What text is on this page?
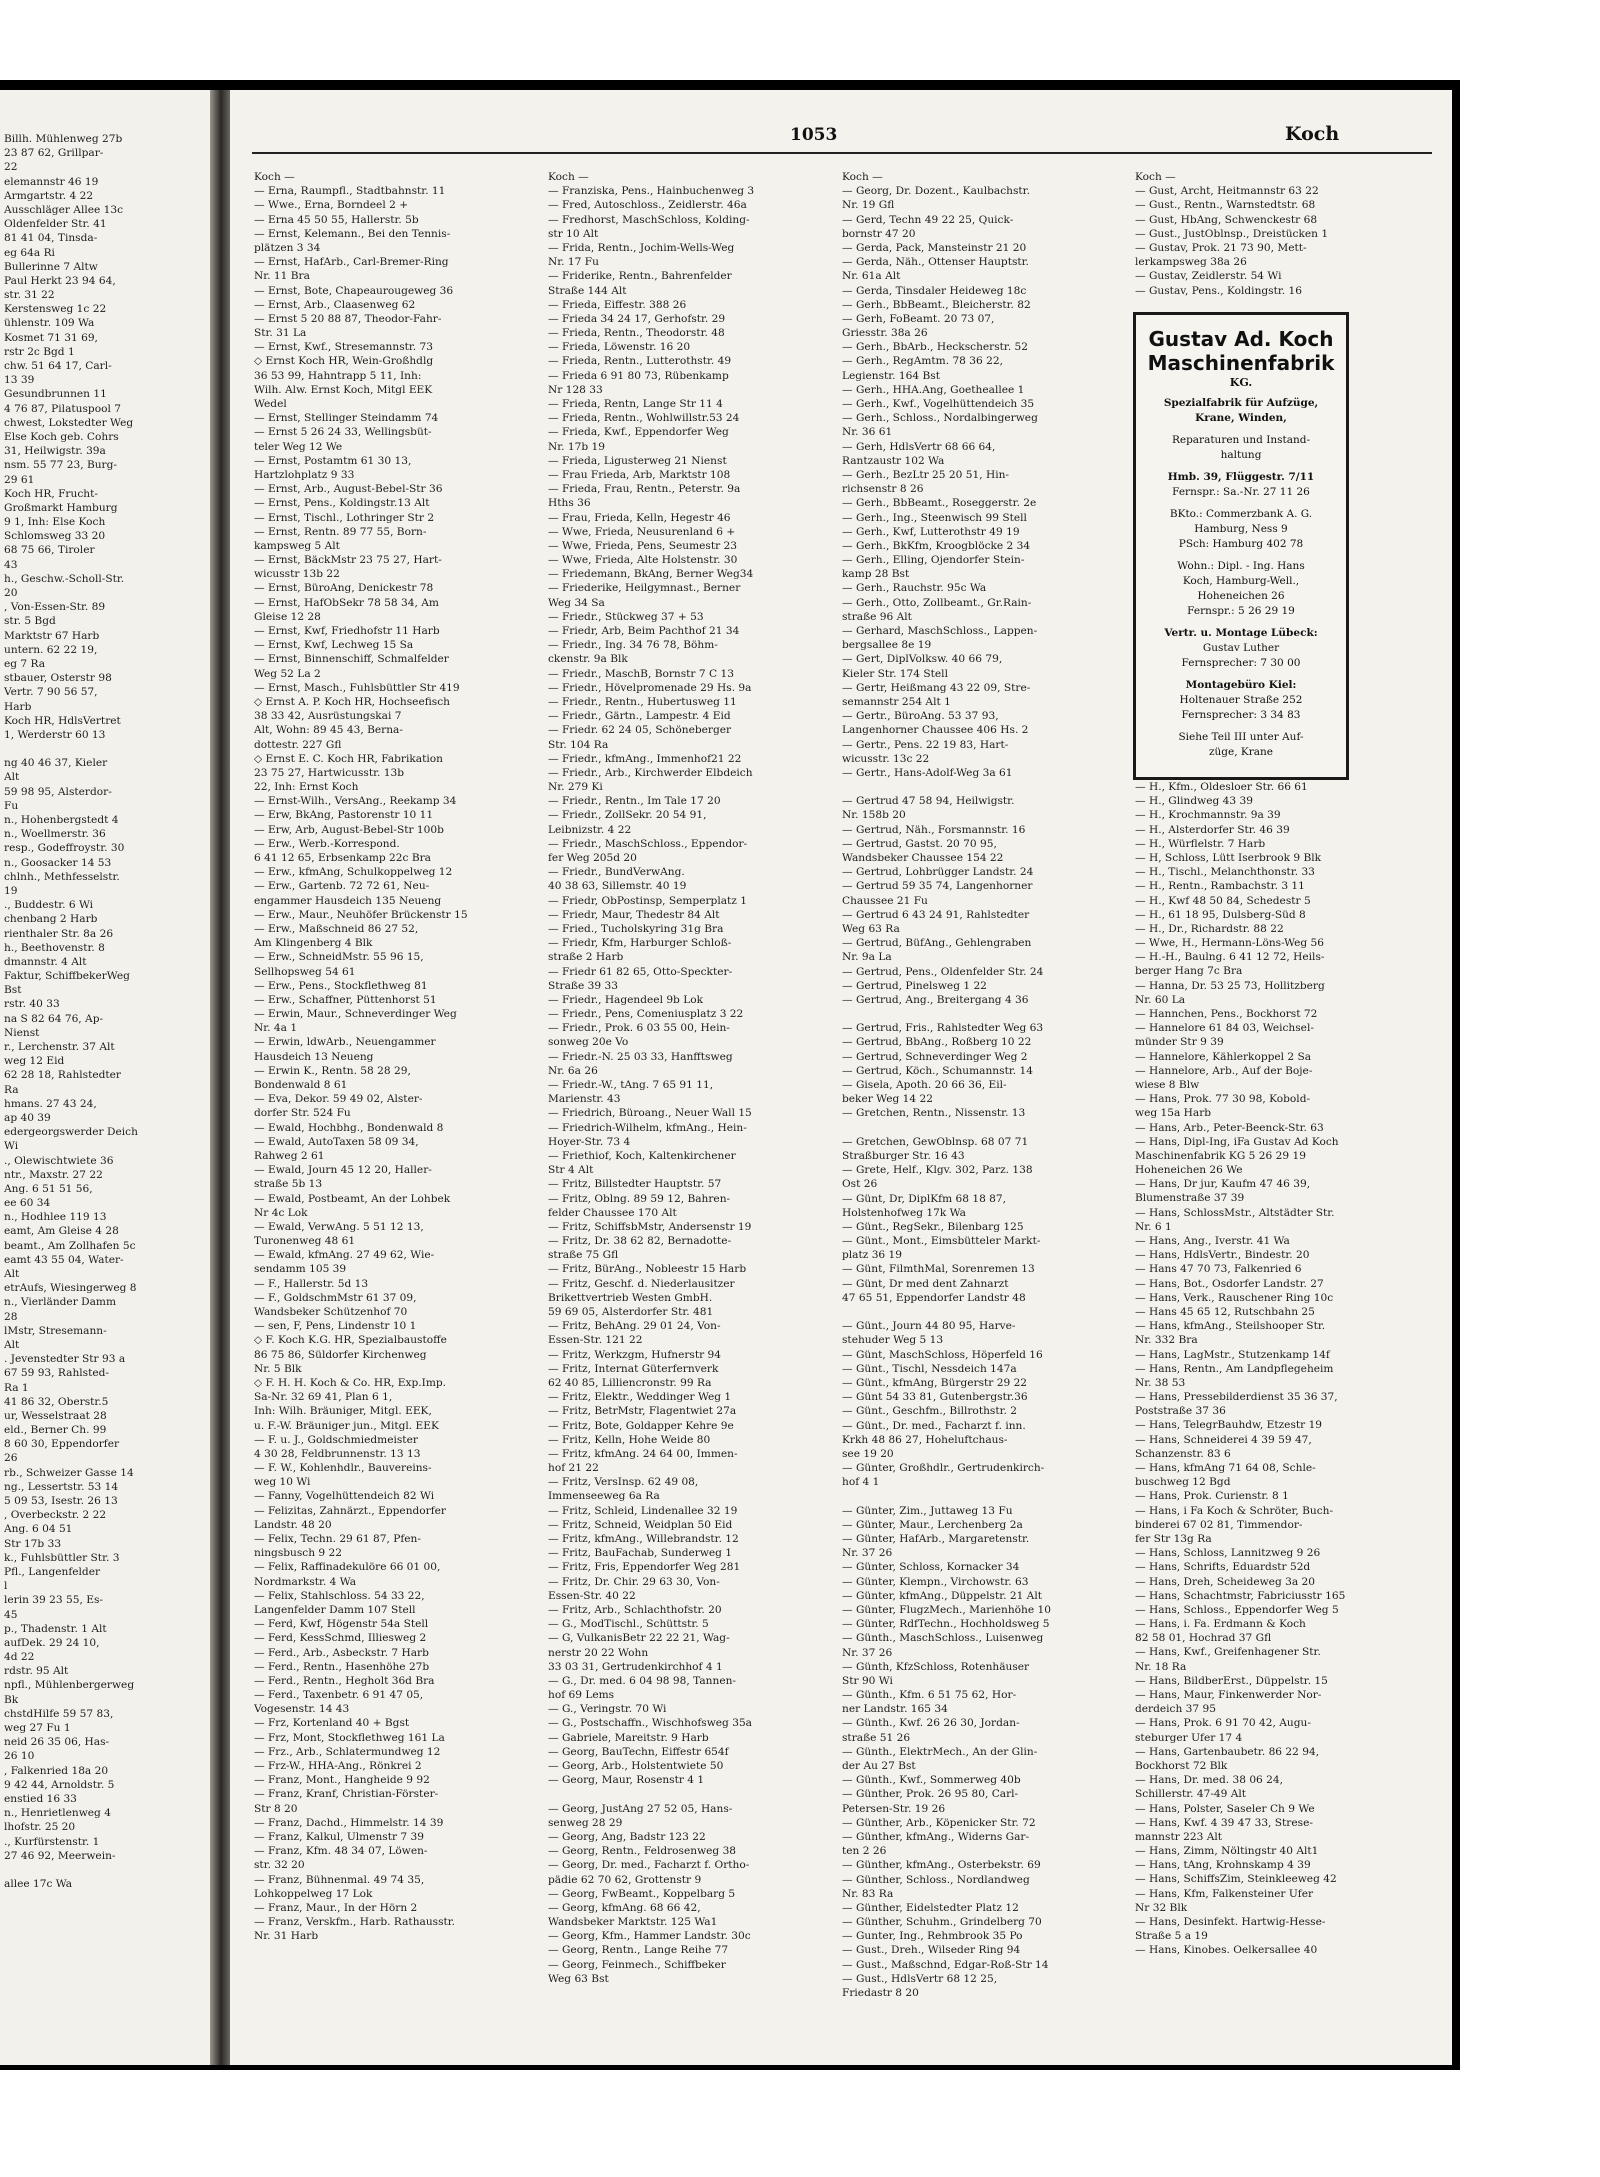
Billh. Mühlenweg 27b
23 87 62, Grillpar-
22
elemannstr 46 19
Armgartstr. 4 22
Ausschläger Allee 13c
Oldenfelder Str. 41
81 41 04, Tinsda-
eg 64a Ri
Bullerinne 7 Altw
Paul Herkt 23 94 64,
str. 31 22
Kerstensweg 1c 22
ühlenstr. 109 Wa
Kosmet 71 31 69,
rstr 2c Bgd 1
chw. 51 64 17, Carl-
13 39
Gesundbrunnen 11
4 76 87, Pilatuspool 7
chwest, Lokstedter Weg
Else Koch geb. Cohrs
31, Heilwigstr. 39a
nsm. 55 77 23, Burg-
29 61
Koch HR, Frucht-
Großmarkt Hamburg
9 1, Inh: Else Koch
Schlomsweg 33 20
68 75 66, Tiroler
43
h., Geschw.-Scholl-Str.
20
, Von-Essen-Str. 89
str. 5 Bgd
Marktstr 67 Harb
untern. 62 22 19,
eg 7 Ra
stbauer, Osterstr 98
Vertr. 7 90 56 57,
Harb
Koch HR, HdlsVertret
1, Werderstr 60 13
ng 40 46 37, Kieler
Alt
59 98 95, Alsterdor-
Fu
n., Hohenbergstedt 4
n., Woellmerstr. 36
resp., Godeffroystr. 30
n., Goosacker 14 53
chlnh., Methfesselstr.
19
., Buddestr. 6 Wi
chenbang 2 Harb
rienthaler Str. 8a 26
h., Beethovenstr. 8
dmannstr. 4 Alt
Faktur, SchiffbekerWeg
Bst
rstr. 40 33
na S 82 64 76, Ap-
Nienst
r., Lerchenstr. 37 Alt
weg 12 Eid
62 28 18, Rahlstedter
Ra
hmans. 27 43 24,
ap 40 39
edergeorgswerder Deich
Wi
., Olewischtwiete 36
ntr., Maxstr. 27 22
Ang. 6 51 51 56,
ee 60 34
n., Hodhlee 119 13
eamt, Am Gleise 4 28
beamt., Am Zollhafen 5c
eamt 43 55 04, Water-
Alt
etrAufs, Wiesingerweg 8
n., Vierländer Damm
28
lMstr, Stresemann-
Alt
. Jevenstedter Str 93 a
67 59 93, Rahlsted-
Ra 1
41 86 32, Oberstr.5
ur, Wesselstraat 28
eld., Berner Ch. 99
8 60 30, Eppendorfer
26
rb., Schweizer Gasse 14
ng., Lessertstr. 53 14
5 09 53, Isestr. 26 13
, Overbeckstr. 2 22
Ang. 6 04 51
Str 17b 33
k., Fuhlsbüttler Str. 3
Pfl., Langenfelder
l
lerin 39 23 55, Es-
45
p., Thadenstr. 1 Alt
aufDek. 29 24 10,
4d 22
rdstr. 95 Alt
npfl., Mühlenbergerweg
Bk
chstdHilfe 59 57 83,
weg 27 Fu 1
neid 26 35 06, Has-
26 10
, Falkenried 18a 20
9 42 44, Arnoldstr. 5
enstied 16 33
n., Henrietlenweg 4
lhofstr. 25 20
., Kurfürstenstr. 1
27 46 92, Meerwein-
allee 17c Wa
1053	Koch
Koch —
— Erna, Raumpfl., Stadtbahnstr. 11
— Wwe., Erna, Borndeel 2 +
— Erna 45 50 55, Hallerstr. 5b
— Ernst, Kelemann., Bei den Tennis-
plätzen 3 34
— Ernst, HafArb., Carl-Bremer-Ring
Nr. 11 Bra
— Ernst, Bote, Chapeaurougeweg 36
— Ernst, Arb., Claasenweg 62
— Ernst 5 20 88 87, Theodor-Fahr-
Str. 31 La
— Ernst, Kwf., Stresemannstr. 73
◇ Ernst Koch HR, Wein-Großhdlg
36 53 99, Hahntrapp 5 11, Inh:
Wilh. Alw. Ernst Koch, Mitgl EEK
Wedel
— Ernst, Stellinger Steindamm 74
— Ernst 5 26 24 33, Wellingsbüt-
teler Weg 12 We
— Ernst, Postamtm 61 30 13,
Hartzlohplatz 9 33
— Ernst, Arb., August-Bebel-Str 36
— Ernst, Pens., Koldingstr.13 Alt
— Ernst, Tischl., Lothringer Str 2
— Ernst, Rentn. 89 77 55, Born-
kampsweg 5 Alt
— Ernst, BäckMstr 23 75 27, Hart-
wicusstr 13b 22
— Ernst, BüroAng, Denickestr 78
— Ernst, HafObSekr 78 58 34, Am
Gleise 12 28
— Ernst, Kwf, Friedhofstr 11 Harb
— Ernst, Kwf, Lechweg 15 Sa
— Ernst, Binnenschiff, Schmalfelder
Weg 52 La 2
— Ernst, Masch., Fuhlsbüttler Str 419
◇ Ernst A. P. Koch HR, Hochseefisch
38 33 42, Ausrüstungskai 7
Alt, Wohn: 89 45 43, Berna-
dottestr. 227 Gfl
◇ Ernst E. C. Koch HR, Fabrikation
23 75 27, Hartwicusstr. 13b
22, Inh: Ernst Koch
— Ernst-Wilh., VersAng., Reekamp 34
— Erw, BkAng, Pastorenstr 10 11
— Erw, Arb, August-Bebel-Str 100b
— Erw., Werb.-Korrespond.
6 41 12 65, Erbsenkamp 22c Bra
— Erw., kfmAng, Schulkoppelweg 12
— Erw., Gartenb. 72 72 61, Neu-
engammer Hausdeich 135 Neueng
— Erw., Maur., Neuhöfer Brückenstr 15
— Erw., Maßschneid 86 27 52,
Am Klingenberg 4 Blk
— Erw., SchneidMstr. 55 96 15,
Sellhopsweg 54 61
— Erw., Pens., Stockflethweg 81
— Erw., Schaffner, Püttenhorst 51
— Erwin, Maur., Schneverdinger Weg
Nr. 4a 1
— Erwin, ldwArb., Neuengammer
Hausdeich 13 Neueng
— Erwin K., Rentn. 58 28 29,
Bondenwald 8 61
— Eva, Dekor. 59 49 02, Alster-
dorfer Str. 524 Fu
— Ewald, Hochbhg., Bondenwald 8
— Ewald, AutoTaxen 58 09 34,
Rahweg 2 61
— Ewald, Journ 45 12 20, Haller-
straße 5b 13
— Ewald, Postbeamt, An der Lohbek
Nr 4c Lok
— Ewald, VerwAng. 5 51 12 13,
Turonenweg 48 61
— Ewald, kfmAng. 27 49 62, Wie-
sendamm 105 39
— F., Hallerstr. 5d 13
— F., GoldschmMstr 61 37 09,
Wandsbeker Schützenhof 70
— sen, F, Pens, Lindenstr 10 1
◇ F. Koch K.G. HR, Spezialbaustoffe
86 75 86, Süldorfer Kirchenweg
Nr. 5 Blk
◇ F. H. H. Koch & Co. HR, Exp.Imp.
Sa-Nr. 32 69 41, Plan 6 1,
Inh: Wilh. Bräuniger, Mitgl. EEK,
u. F.-W. Bräuniger jun., Mitgl. EEK
— F. u. J., Goldschmiedmeister
4 30 28, Feldbrunnenstr. 13 13
— F. W., Kohlenhdlr., Bauvereins-
weg 10 Wi
— Fanny, Vogelhüttendeich 82 Wi
— Felizitas, Zahnärzt., Eppendorfer
Landstr. 48 20
— Felix, Techn. 29 61 87, Pfen-
ningsbusch 9 22
— Felix, Raffinadekulöre 66 01 00,
Nordmarkstr. 4 Wa
— Felix, Stahlschloss. 54 33 22,
Langenfelder Damm 107 Stell
— Ferd, Kwf, Högenstr 54a Stell
— Ferd, KessSchmd, Illiesweg 2
— Ferd., Arb., Asbeckstr. 7 Harb
— Ferd., Rentn., Hasenhöhe 27b
— Ferd., Rentn., Hegholt 36d Bra
— Ferd., Taxenbetr. 6 91 47 05,
Vogesenstr. 14 43
— Frz, Kortenland 40 + Bgst
— Frz, Mont, Stockflethweg 161 La
— Frz., Arb., Schlatermundweg 12
— Frz-W., HHA-Ang., Rönkrei 2
— Franz, Mont., Hangheide 9 92
— Franz, Kranf, Christian-Förster-
Str 8 20
— Franz, Dachd., Himmelstr. 14 39
— Franz, Kalkul, Ulmenstr 7 39
— Franz, Kfm. 48 34 07, Löwen-
str. 32 20
— Franz, Bühnenmal. 49 74 35,
Lohkoppelweg 17 Lok
— Franz, Maur., In der Hörn 2
— Franz, Verskfm., Harb. Rathausstr.
Nr. 31 Harb
Koch —
— Franziska, Pens., Hainbuchenweg 3
— Fred, Autoschloss., Zeidlerstr. 46a
— Fredhorst, MaschSchloss, Kolding-
str 10 Alt
— Frida, Rentn., Jochim-Wells-Weg
Nr. 17 Fu
— Friderike, Rentn., Bahrenfelder
Straße 144 Alt
— Frieda, Eiffestr. 388 26
— Frieda 34 24 17, Gerhofstr. 29
— Frieda, Rentn., Theodorstr. 48
— Frieda, Löwenstr. 16 20
— Frieda, Rentn., Lutterothstr. 49
— Frieda 6 91 80 73, Rübenkamp
Nr 128 33
— Frieda, Rentn, Lange Str 11 4
— Frieda, Rentn., Wohlwillstr.53 24
— Frieda, Kwf., Eppendorfer Weg
Nr. 17b 19
— Frieda, Ligusterweg 21 Nienst
— Frau Frieda, Arb, Marktstr 108
— Frieda, Frau, Rentn., Peterstr. 9a
Hths 36
— Frau, Frieda, Kelln, Hegestr 46
— Wwe, Frieda, Neusurenland 6 +
— Wwe, Frieda, Pens, Seumestr 23
— Wwe, Frieda, Alte Holstenstr. 30
— Friedemann, BkAng, Berner Weg34
— Friederike, Heilgymnast., Berner
Weg 34 Sa
— Friedr., Stückweg 37 + 53
— Friedr, Arb, Beim Pachthof 21 34
— Friedr., Ing. 34 76 78, Böhm-
ckenstr. 9a Blk
— Friedr., MaschB, Bornstr 7 C 13
— Friedr., Hövelpromenade 29 Hs. 9a
— Friedr., Rentn., Hubertusweg 11
— Friedr., Gärtn., Lampestr. 4 Eid
— Friedr. 62 24 05, Schöneberger
Str. 104 Ra
— Friedr., kfmAng., Immenhof21 22
— Friedr., Arb., Kirchwerder Elbdeich
Nr. 279 Ki
— Friedr., Rentn., Im Tale 17 20
— Friedr., ZollSekr. 20 54 91,
Leibnizstr. 4 22
— Friedr., MaschSchloss., Eppendor-
fer Weg 205d 20
— Friedr., BundVerwAng.
40 38 63, Sillemstr. 40 19
— Friedr, ObPostinsp, Semperplatz 1
— Friedr, Maur, Thedestr 84 Alt
— Fried., Tucholskyring 31g Bra
— Friedr, Kfm, Harburger Schloß-
straße 2 Harb
— Friedr 61 82 65, Otto-Speckter-
Straße 39 33
— Friedr., Hagendeel 9b Lok
— Friedr., Pens, Comeniusplatz 3 22
— Friedr., Prok. 6 03 55 00, Hein-
sonweg 20e Vo
— Friedr.-N. 25 03 33, Hanfftsweg
Nr. 6a 26
— Friedr.-W., tAng. 7 65 91 11,
Marienstr. 43
— Friedrich, Büroang., Neuer Wall 15
— Friedrich-Wilhelm, kfmAng., Hein-
Hoyer-Str. 73 4
— Friethiof, Koch, Kaltenkirchener
Str 4 Alt
— Fritz, Billstedter Hauptstr. 57
— Fritz, Oblng. 89 59 12, Bahren-
felder Chaussee 170 Alt
— Fritz, SchiffsbMstr, Andersenstr 19
— Fritz, Dr. 38 62 82, Bernadotte-
straße 75 Gfl
— Fritz, BürAng., Nobleestr 15 Harb
— Fritz, Geschf. d. Niederlausitzer
Brikettvertrieb Westen GmbH.
59 69 05, Alsterdorfer Str. 481
— Fritz, BehAng. 29 01 24, Von-
Essen-Str. 121 22
— Fritz, Werkzgm, Hufnerstr 94
— Fritz, Internat Güterfernverk
62 40 85, Lilliencronstr. 99 Ra
— Fritz, Elektr., Weddinger Weg 1
— Fritz, BetrMstr, Flagentwiet 27a
— Fritz, Bote, Goldapper Kehre 9e
— Fritz, Kelln, Hohe Weide 80
— Fritz, kfmAng. 24 64 00, Immen-
hof 21 22
— Fritz, VersInsp. 62 49 08,
Immenseeweg 6a Ra
— Fritz, Schleid, Lindenallee 32 19
— Fritz, Schneid, Weidplan 50 Eid
— Fritz, kfmAng., Willebrandstr. 12
— Fritz, BauFachab, Sunderweg 1
— Fritz, Fris, Eppendorfer Weg 281
— Fritz, Dr. Chir. 29 63 30, Von-
Essen-Str. 40 22
— Fritz, Arb., Schlachthofstr. 20
— G., ModTischl., Schüttstr. 5
— G, VulkanisBetr 22 22 21, Wag-
nerstr 20 22 Wohn
33 03 31, Gertrudenkirchhof 4 1
— G., Dr. med. 6 04 98 98, Tannen-
hof 69 Lems
— G., Veringstr. 70 Wi
— G., Postschaffn., Wischhofsweg 35a
— Gabriele, Mareitstr. 9 Harb
— Georg, BauTechn, Eiffestr 654f
— Georg, Arb., Holstentwiete 50
— Georg, Maur, Rosenstr 4 1
— Georg, JustAng 27 52 05, Hans-
senweg 28 29
— Georg, Ang, Badstr 123 22
— Georg, Rentn., Feldrosenweg 38
— Georg, Dr. med., Facharzt f. Ortho-
pädie 62 70 62, Grottenstr 9
— Georg, FwBeamt., Koppelbarg 5
— Georg, kfmAng. 68 66 42,
Wandsbeker Marktstr. 125 Wa1
— Georg, Kfm., Hammer Landstr. 30c
— Georg, Rentn., Lange Reihe 77
— Georg, Feinmech., Schiffbeker
Weg 63 Bst
Koch —
— Georg, Dr. Dozent., Kaulbachstr.
Nr. 19 Gfl
— Gerd, Techn 49 22 25, Quick-
bornstr 47 20
— Gerda, Pack, Mansteinstr 21 20
— Gerda, Näh., Ottenser Hauptstr.
Nr. 61a Alt
— Gerda, Tinsdaler Heideweg 18c
— Gerh., BbBeamt., Bleicherstr. 82
— Gerh, FoBeamt. 20 73 07,
Griesstr. 38a 26
— Gerh., BbArb., Heckscherstr. 52
— Gerh., RegAmtm. 78 36 22,
Legienstr. 164 Bst
— Gerh., HHA.Ang, Goetheallee 1
— Gerh., Kwf., Vogelhüttendeich 35
— Gerh., Schloss., Nordalbingerweg
Nr. 36 61
— Gerh, HdlsVertr 68 66 64,
Rantzaustr 102 Wa
— Gerh., BezLtr 25 20 51, Hin-
richsenstr 8 26
— Gerh., BbBeamt., Roseggerstr. 2e
— Gerh., Ing., Steenwisch 99 Stell
— Gerh., Kwf, Lutterothstr 49 19
— Gerh., BkKfm, Kroogblöcke 2 34
— Gerh., Elling, Ojendorfer Stein-
kamp 28 Bst
— Gerh., Rauchstr. 95c Wa
— Gerh., Otto, Zollbeamt., Gr.Rain-
straße 96 Alt
— Gerhard, MaschSchloss., Lappen-
bergsallee 8e 19
— Gert, DiplVolksw. 40 66 79,
Kieler Str. 174 Stell
— Gertr, Heißmang 43 22 09, Stre-
semannstr 254 Alt 1
— Gertr., BüroAng. 53 37 93,
Langenhorner Chaussee 406 Hs. 2
— Gertr., Pens. 22 19 83, Hart-
wicusstr. 13c 22
— Gertr., Hans-Adolf-Weg 3a 61
— Gertrud 47 58 94, Heilwigstr.
Nr. 158b 20
— Gertrud, Näh., Forsmannstr. 16
— Gertrud, Gastst. 20 70 95,
Wandsbeker Chaussee 154 22
— Gertrud, Lohbrügger Landstr. 24
— Gertrud 59 35 74, Langenhorner
Chaussee 21 Fu
— Gertrud 6 43 24 91, Rahlstedter
Weg 63 Ra
— Gertrud, BüfAng., Gehlengraben
Nr. 9a La
— Gertrud, Pens., Oldenfelder Str. 24
— Gertrud, Pinelsweg 1 22
— Gertrud, Ang., Breitergang 4 36
— Gertrud, Fris., Rahlstedter Weg 63
— Gertrud, BbAng., Roßberg 10 22
— Gertrud, Schneverdinger Weg 2
— Gertrud, Köch., Schumannstr. 14
— Gisela, Apoth. 20 66 36, Eil-
beker Weg 14 22
— Gretchen, Rentn., Nissenstr. 13
— Gretchen, GewOblnsp. 68 07 71
Straßburger Str. 16 43
— Grete, Helf., Klgv. 302, Parz. 138
Ost 26
— Günt, Dr, DiplKfm 68 18 87,
Holstenhofweg 17k Wa
— Günt., RegSekr., Bilenbarg 125
— Günt., Mont., Eimsbütteler Markt-
platz 36 19
— Günt, FilmthMal, Sorenremen 13
— Günt, Dr med dent Zahnarzt
47 65 51, Eppendorfer Landstr 48
— Günt., Journ 44 80 95, Harve-
stehuder Weg 5 13
— Günt, MaschSchloss, Höperfeld 16
— Günt., Tischl, Nessdeich 147a
— Günt., kfmAng, Bürgerstr 29 22
— Günt 54 33 81, Gutenbergstr.36
— Günt., Geschfm., Billrothstr. 2
— Günt., Dr. med., Facharzt f. inn.
Krkh 48 86 27, Hoheluftchaus-
see 19 20
— Günter, Großhdlr., Gertrudenkirch-
hof 4 1
— Günter, Zim., Juttaweg 13 Fu
— Günter, Maur., Lerchenberg 2a
— Günter, HafArb., Margaretenstr.
Nr. 37 26
— Günter, Schloss, Kornacker 34
— Günter, Klempn., Virchowstr. 63
— Günter, kfmAng., Düppelstr. 21 Alt
— Günter, FlugzMech., Marienhöhe 10
— Günter, RdfTechn., Hochholdsweg 5
— Günth., MaschSchloss., Luisenweg
Nr. 37 26
— Günth, KfzSchloss, Rotenhäuser
Str 90 Wi
— Günth., Kfm. 6 51 75 62, Hor-
ner Landstr. 165 34
— Günth., Kwf. 26 26 30, Jordan-
straße 51 26
— Günth., ElektrMech., An der Glin-
der Au 27 Bst
— Günth., Kwf., Sommerweg 40b
— Günther, Prok. 26 95 80, Carl-
Petersen-Str. 19 26
— Günther, Arb., Köpenicker Str. 72
— Günther, kfmAng., Widerns Gar-
ten 2 26
— Günther, kfmAng., Osterbekstr. 69
— Günther, Schloss., Nordlandweg
Nr. 83 Ra
— Günther, Eidelstedter Platz 12
— Günther, Schuhm., Grindelberg 70
— Gunter, Ing., Rehmbrook 35 Po
— Gust., Dreh., Wilseder Ring 94
— Gust., Maßschnd, Edgar-Roß-Str 14
— Gust., HdlsVertr 68 12 25,
Friedastr 8 20
Koch —
— Gust, Archt, Heitmannstr 63 22
— Gust., Rentn., Warnstedtstr. 68
— Gust, HbAng, Schwenckestr 68
— Gust., JustOblnsp., Dreistücken 1
— Gustav, Prok. 21 73 90, Mett-
lerkampsweg 38a 26
— Gustav, Zeidlerstr. 54 Wi
— Gustav, Pens., Koldingstr. 16
— H., Kfm., Oldesloer Str. 66 61
— H., Glindweg 43 39
— H., Krochmannstr. 9a 39
— H., Alsterdorfer Str. 46 39
— H., Würflelstr. 7 Harb
— H, Schloss, Lütt Iserbrook 9 Blk
— H., Tischl., Melanchthonstr. 33
— H., Rentn., Rambachstr. 3 11
— H., Kwf 48 50 84, Schedestr 5
— H., 61 18 95, Dulsberg-Süd 8
— H., Dr., Richardstr. 88 22
— Wwe, H., Hermann-Löns-Weg 56
— H.-H., Baulng. 6 41 12 72, Heils-
berger Hang 7c Bra
— Hanna, Dr. 53 25 73, Hollitzberg
Nr. 60 La
— Hannchen, Pens., Bockhorst 72
— Hannelore 61 84 03, Weichsel-
münder Str 9 39
— Hannelore, Kählerkoppel 2 Sa
— Hannelore, Arb., Auf der Boje-
wiese 8 Blw
— Hans, Prok. 77 30 98, Kobold-
weg 15a Harb
— Hans, Arb., Peter-Beenck-Str. 63
— Hans, Dipl-Ing, iFa Gustav Ad Koch
Maschinenfabrik KG 5 26 29 19
Hoheneichen 26 We
— Hans, Dr jur, Kaufm 47 46 39,
Blumenstraße 37 39
— Hans, SchlossMstr., Altstädter Str.
Nr. 6 1
— Hans, Ang., Iverstr. 41 Wa
— Hans, HdlsVertr., Bindestr. 20
— Hans 47 70 73, Falkenried 6
— Hans, Bot., Osdorfer Landstr. 27
— Hans, Verk., Rauschener Ring 10c
— Hans 45 65 12, Rutschbahn 25
— Hans, kfmAng., Steilshooper Str.
Nr. 332 Bra
— Hans, LagMstr., Stutzenkamp 14f
— Hans, Rentn., Am Landpflegeheim
Nr. 38 53
— Hans, Pressebilderdienst 35 36 37,
Poststraße 37 36
— Hans, TelegrBauhdw, Etzestr 19
— Hans, Schneiderei 4 39 59 47,
Schanzenstr. 83 6
— Hans, kfmAng 71 64 08, Schle-
buschweg 12 Bgd
— Hans, Prok. Curienstr. 8 1
— Hans, i Fa Koch & Schröter, Buch-
binderei 67 02 81, Timmendor-
fer Str 13g Ra
— Hans, Schloss, Lannitzweg 9 26
— Hans, Schrifts, Eduardstr 52d
— Hans, Dreh, Scheideweg 3a 20
— Hans, Schachtmstr, Fabriciusstr 165
— Hans, Schloss., Eppendorfer Weg 5
— Hans, i. Fa. Erdmann & Koch
82 58 01, Hochrad 37 Gfl
— Hans, Kwf., Greifenhagener Str.
Nr. 18 Ra
— Hans, BildberErst., Düppelstr. 15
— Hans, Maur, Finkenwerder Nor-
derdeich 37 95
— Hans, Prok. 6 91 70 42, Augu-
steburger Ufer 17 4
— Hans, Gartenbaubetr. 86 22 94,
Bockhorst 72 Blk
— Hans, Dr. med. 38 06 24,
Schillerstr. 47-49 Alt
— Hans, Polster, Saseler Ch 9 We
— Hans, Kwf. 4 39 47 33, Strese-
mannstr 223 Alt
— Hans, Zimm, Nöltingstr 40 Alt1
— Hans, tAng, Krohnskamp 4 39
— Hans, SchiffsZim, Steinkleeweg 42
— Hans, Kfm, Falkensteiner Ufer
Nr 32 Blk
— Hans, Desinfekt. Hartwig-Hesse-
Straße 5 a 19
— Hans, Kinobes. Oelkersallee 40
Gustav Ad. Koch
Maschinenfabrik
KG.
Spezialfabrik für Aufzüge,
Krane, Winden,
Reparaturen und Instand-
haltung
Hmb. 39, Flüggestr. 7/11
Fernspr.: Sa.-Nr. 27 11 26
BKto.: Commerzbank A. G.
Hamburg, Ness 9
PSch: Hamburg 402 78
Wohn.: Dipl. - Ing. Hans
Koch, Hamburg-Well.,
Hoheneichen 26
Fernspr.: 5 26 29 19
Vertr. u. Montage Lübeck:
Gustav Luther
Fernsprecher: 7 30 00
Montagebüro Kiel:
Holtenauer Straße 252
Fernsprecher: 3 34 83
Siehe Teil III unter Auf-
züge, Krane
